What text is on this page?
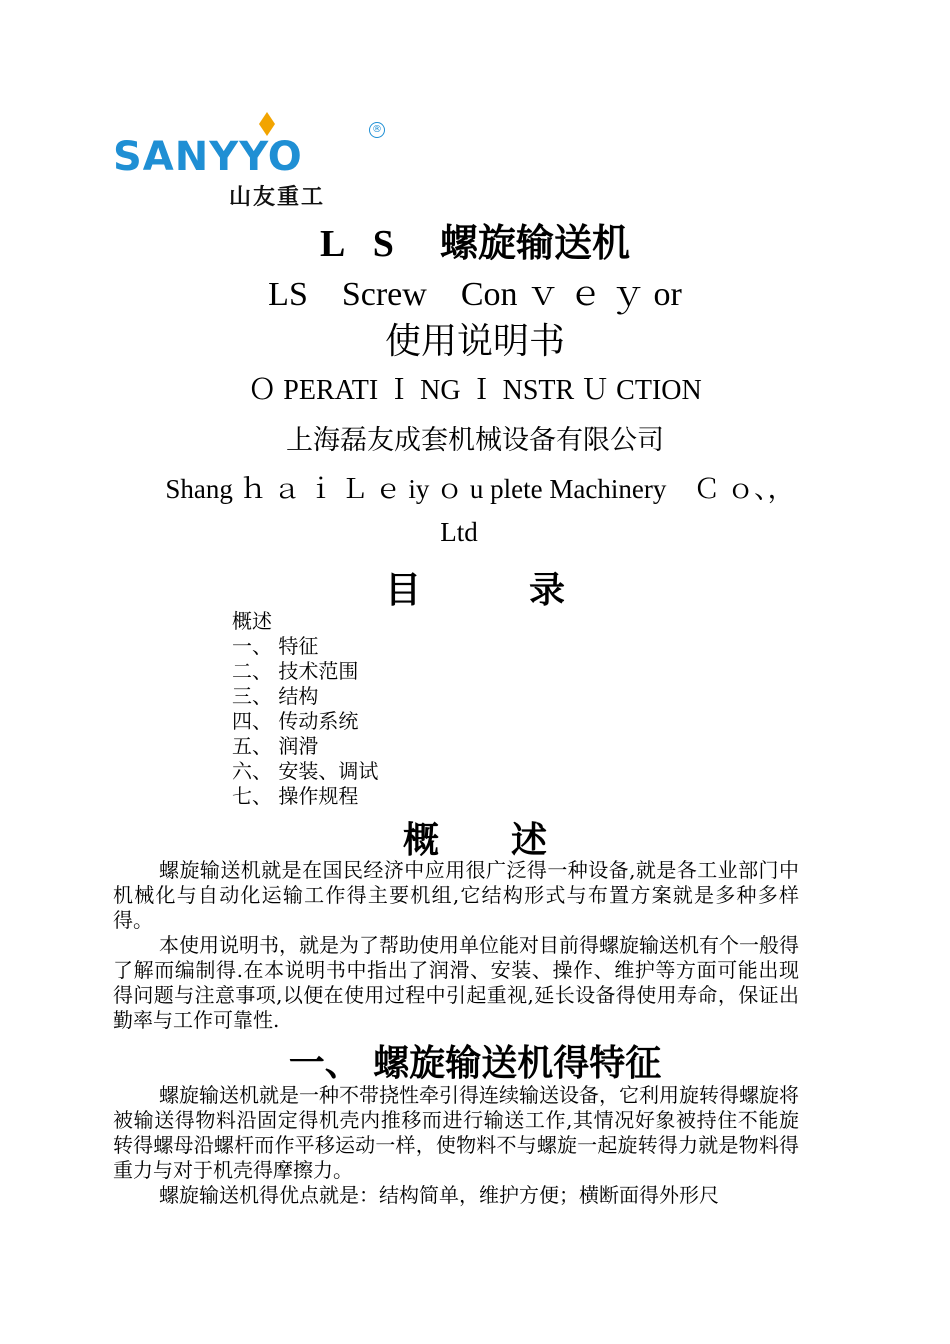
SANYYO
®
山友重工
L S 螺旋输送机
LS　Screw　Con ｖ ｅ ｙ or
使用说明书
Ｏ PERATI Ｉ NG Ｉ NSTR Ｕ CTION
上海磊友成套机械设备有限公司
Shang ｈ ａ ｉ Ｌ ｅ iy ｏ u plete Machinery　Ｃ ｏ、，
Ltd
目　　　录
概述
一、 特征
二、 技术范围
三、 结构
四、 传动系统
五、 润滑
六、 安装、调试
七、 操作规程
概　　述
螺旋输送机就是在国民经济中应用很广泛得一种设备,就是各工业部门中机械化与自动化运输工作得主要机组,它结构形式与布置方案就是多种多样得。
本使用说明书，就是为了帮助使用单位能对目前得螺旋输送机有个一般得了解而编制得.在本说明书中指出了润滑、安装、操作、维护等方面可能出现得问题与注意事项,以便在使用过程中引起重视,延长设备得使用寿命，保证出勤率与工作可靠性.
一、 螺旋输送机得特征
螺旋输送机就是一种不带挠性牵引得连续输送设备，它利用旋转得螺旋将被输送得物料沿固定得机壳内推移而进行输送工作,其情况好象被持住不能旋转得螺母沿螺杆而作平移运动一样，使物料不与螺旋一起旋转得力就是物料得重力与对于机壳得摩擦力。
螺旋输送机得优点就是：结构简单，维护方便；横断面得外形尺
